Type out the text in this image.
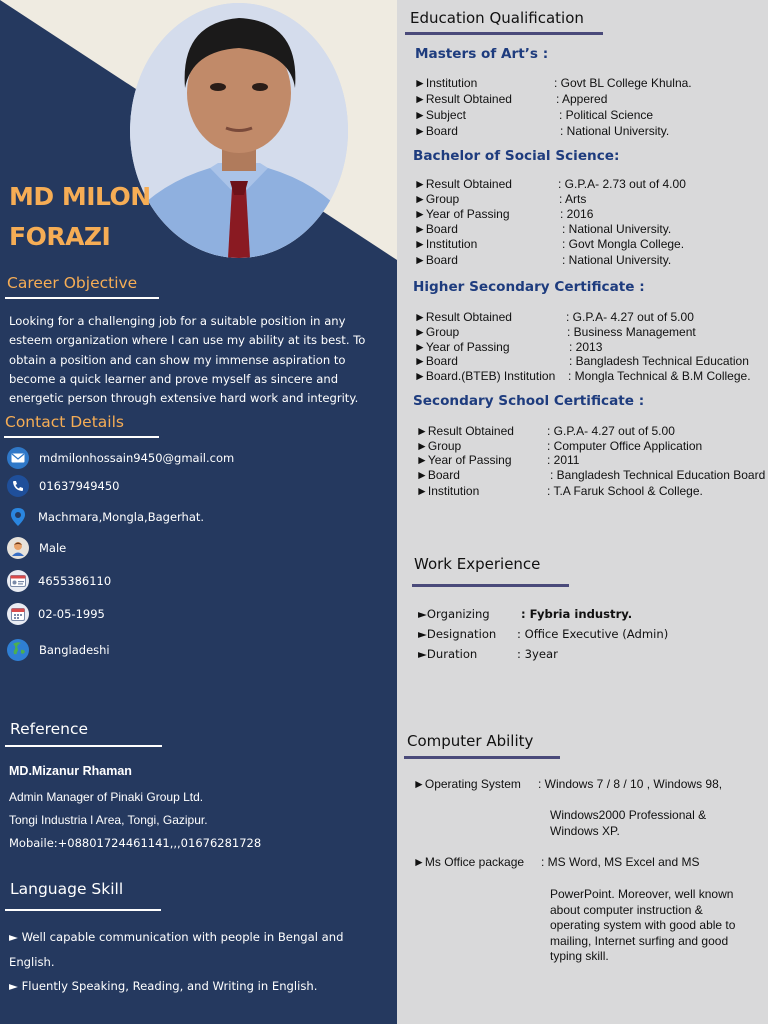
MD MILON
FORAZI
Career Objective
Looking for a challenging job for a suitable position in any esteem organization where I can use my ability at its best. To obtain a position and can show my immense aspiration to become a quick learner and prove myself as sincere and energetic person through extensive hard work and integrity.
Contact Details
mdmilonhossain9450@gmail.com
01637949450
Machmara,Mongla,Bagerhat.
Male
4655386110
02-05-1995
Bangladeshi
Reference
MD.Mizanur Rhaman
Admin Manager of Pinaki Group Ltd.
Tongi Industria l Area, Tongi, Gazipur.
Mobaile:+08801724461141,,,01676281728
Language Skill
► Well capable communication with people in Bengal and English.
► Fluently Speaking, Reading, and Writing in English.
Education Qualification
Masters of Art’s :
►Institution	: Govt BL College Khulna.
►Result Obtained	: Appered
►Subject	: Political Science
►Board	: National University.
Bachelor of Social Science:
►Result Obtained	: G.P.A- 2.73 out of 4.00
►Group	: Arts
►Year of Passing	: 2016
►Board	: National University.
►Institution	: Govt Mongla College.
►Board	: National University.
Higher Secondary Certificate :
►Result Obtained	: G.P.A- 4.27 out of 5.00
►Group	: Business Management
►Year of Passing	: 2013
►Board	: Bangladesh Technical Education
►Board.(BTEB) Institution : Mongla Technical & B.M College.
Secondary School Certificate :
►Result Obtained	: G.P.A- 4.27 out of 5.00
►Group	: Computer Office Application
►Year of Passing	: 2011
►Board	: Bangladesh Technical Education Board
►Institution	: T.A Faruk School & College.
Work Experience
►Organizing	: Fybria industry.
►Designation : Office Executive (Admin)
►Duration	: 3year
Computer Ability
►Operating System : Windows 7 / 8 / 10 , Windows 98,
Windows2000 Professional & Windows XP.
►Ms Office package : MS Word, MS Excel and MS
PowerPoint. Moreover, well known about computer instruction & operating system with good able to mailing, Internet surfing and good typing skill.
